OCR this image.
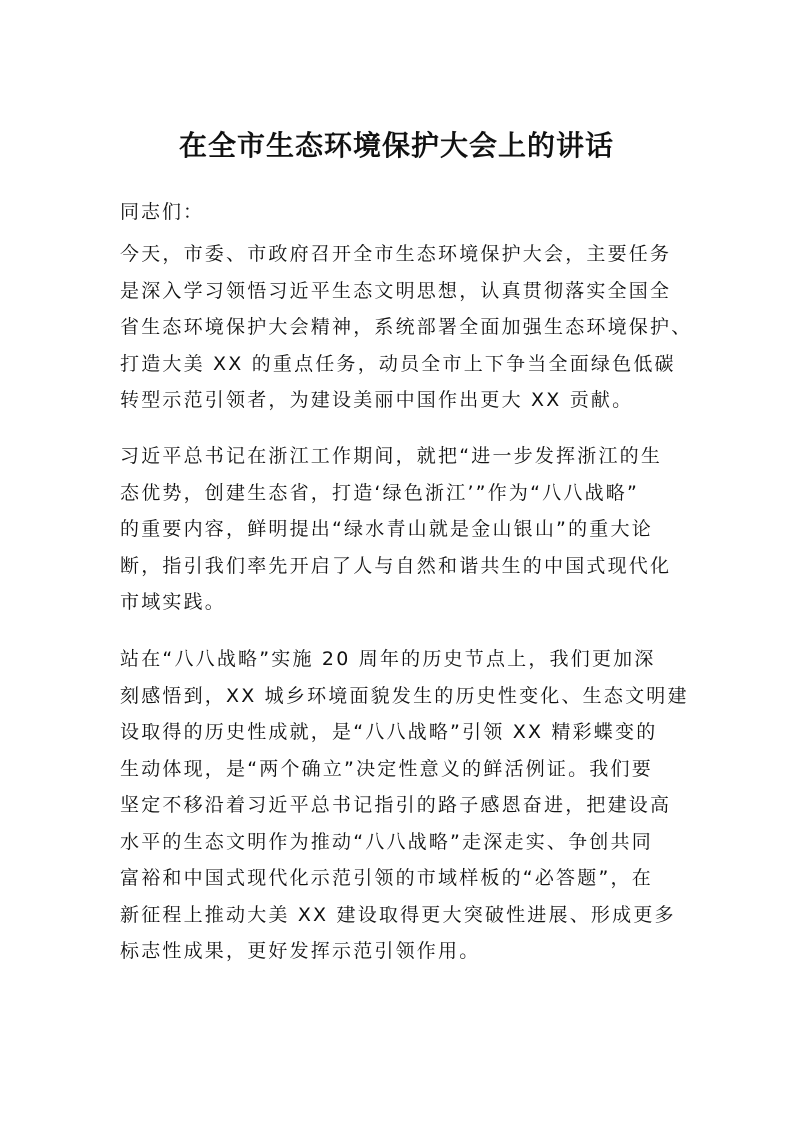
在全市生态环境保护大会上的讲话
同志们：
今天，市委、市政府召开全市生态环境保护大会，主要任务
是深入学习领悟习近平生态文明思想，认真贯彻落实全国全
省生态环境保护大会精神，系统部署全面加强生态环境保护、
打造大美 XX 的重点任务，动员全市上下争当全面绿色低碳
转型示范引领者，为建设美丽中国作出更大 XX 贡献。
习近平总书记在浙江工作期间，就把“进一步发挥浙江的生
态优势，创建生态省，打造‘绿色浙江’”作为“八八战略”
的重要内容，鲜明提出“绿水青山就是金山银山”的重大论
断，指引我们率先开启了人与自然和谐共生的中国式现代化
市域实践。
站在“八八战略”实施 20 周年的历史节点上，我们更加深
刻感悟到，XX 城乡环境面貌发生的历史性变化、生态文明建
设取得的历史性成就，是“八八战略”引领 XX 精彩蝶变的
生动体现，是“两个确立”决定性意义的鲜活例证。我们要
坚定不移沿着习近平总书记指引的路子感恩奋进，把建设高
水平的生态文明作为推动“八八战略”走深走实、争创共同
富裕和中国式现代化示范引领的市域样板的“必答题”，在
新征程上推动大美 XX 建设取得更大突破性进展、形成更多
标志性成果，更好发挥示范引领作用。
